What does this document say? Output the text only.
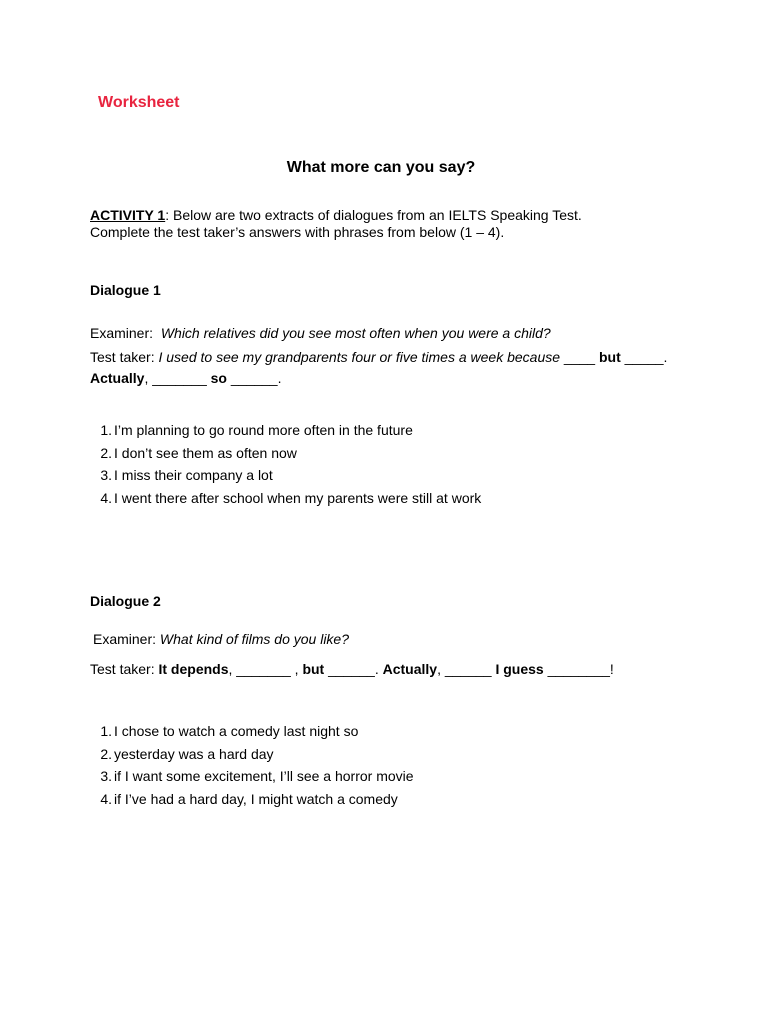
Worksheet
What more can you say?
ACTIVITY 1: Below are two extracts of dialogues from an IELTS Speaking Test.
Complete the test taker’s answers with phrases from below (1 – 4).
Dialogue 1
Examiner: Which relatives did you see most often when you were a child?
Test taker: I used to see my grandparents four or five times a week because ____ but _____.
Actually, _______ so ______.
1. I’m planning to go round more often in the future
2. I don’t see them as often now
3. I miss their company a lot
4. I went there after school when my parents were still at work
Dialogue 2
Examiner: What kind of films do you like?
Test taker: It depends, _______ , but ______. Actually, ______ I guess ________!
1. I chose to watch a comedy last night so
2. yesterday was a hard day
3. if I want some excitement, I’ll see a horror movie
4. if I’ve had a hard day, I might watch a comedy
